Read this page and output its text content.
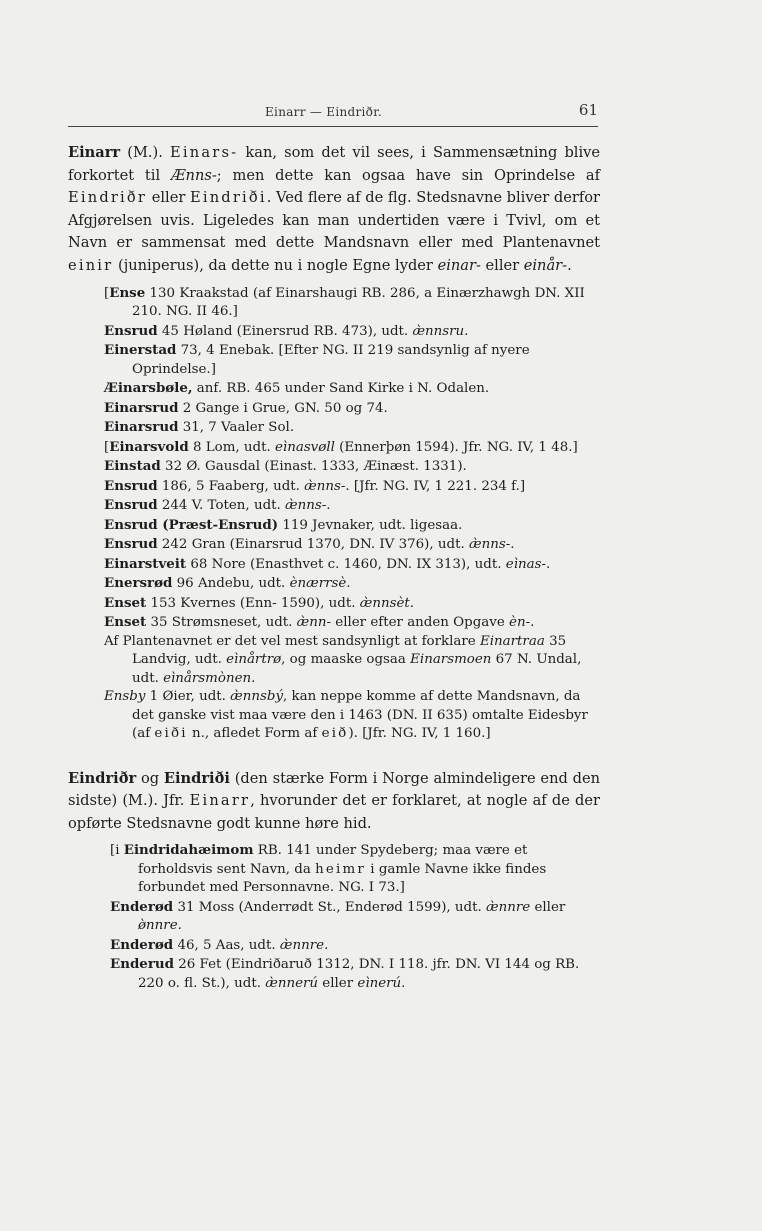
Einarr — Eindriðr.	61

Einarr (M.). Einars- kan, som det vil sees, i Sammensætning blive forkortet til Ænns-; men dette kan ogsaa have sin Oprindelse af Eindriðr eller Eindriði. Ved flere af de flg. Stedsnavne bliver derfor Afgjørelsen uvis. Ligeledes kan man undertiden være i Tvivl, om et Navn er sammensat med dette Mandsnavn eller med Plantenavnet einir (juniperus), da dette nu i nogle Egne lyder einar- eller einår-.

[Ense 130 Kraakstad (af Einarshaugi RB. 286, a Einærzhawgh DN. XII 210. NG. II 46.]

Ensrud 45 Høland (Einersrud RB. 473), udt. æ̀nnsru.

Einerstad 73, 4 Enebak. [Efter NG. II 219 sandsynlig af nyere Oprindelse.]

Æinarsbøle, anf. RB. 465 under Sand Kirke i N. Odalen.

Einarsrud 2 Gange i Grue, GN. 50 og 74.

Einarsrud 31, 7 Vaaler Sol.

[Einarsvold 8 Lom, udt. eìnasvøll (Ennerþøn 1594). Jfr. NG. IV, 1 48.]

Einstad 32 Ø. Gausdal (Einast. 1333, Æinæst. 1331).

Ensrud 186, 5 Faaberg, udt. æ̀nns-. [Jfr. NG. IV, 1 221. 234 f.]

Ensrud 244 V. Toten, udt. æ̀nns-.

Ensrud (Præst-Ensrud) 119 Jevnaker, udt. ligesaa.

Ensrud 242 Gran (Einarsrud 1370, DN. IV 376), udt. æ̀nns-.

Einarstveit 68 Nore (Enasthvet c. 1460, DN. IX 313), udt. eìnas-.

Enersrød 96 Andebu, udt. ènærrsè.

Enset 153 Kvernes (Enn- 1590), udt. æ̀nnsèt.

Enset 35 Strømsneset, udt. æ̀nn- eller efter anden Opgave èn-.

Af Plantenavnet er det vel mest sandsynligt at forklare Einartraa 35 Landvig, udt. eìnårtrø, og maaske ogsaa Einarsmoen 67 N. Undal, udt. eìnårsmònen.

Ensby 1 Øier, udt. æ̀nnsbý, kan neppe komme af dette Mandsnavn, da det ganske vist maa være den i 1463 (DN. II 635) omtalte Eidesbyr (af eiði n., afledet Form af eið). [Jfr. NG. IV, 1 160.]

Eindriðr og Eindriði (den stærke Form i Norge almindeligere end den sidste) (M.). Jfr. Einarr, hvorunder det er forklaret, at nogle af de der opførte Stedsnavne godt kunne høre hid.

[i Eindridahæimom RB. 141 under Spydeberg; maa være et forholdsvis sent Navn, da heimr i gamle Navne ikke findes forbundet med Personnavne. NG. I 73.]

Enderød 31 Moss (Anderrødt St., Enderød 1599), udt. æ̀nnre eller ø̀nnre.

Enderød 46, 5 Aas, udt. æ̀nnre.

Enderud 26 Fet (Eindriðaruð 1312, DN. I 118. jfr. DN. VI 144 og RB. 220 o. fl. St.), udt. æ̀nnerú eller eìnerú.
